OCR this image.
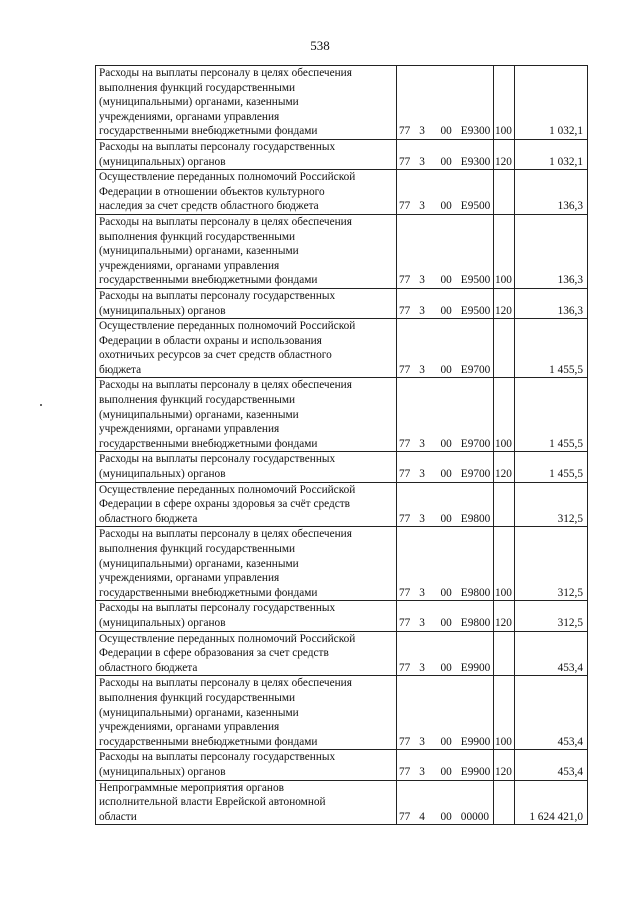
538
Расходы на выплаты персоналу в целях обеспечения
выполнения функций государственными
(муниципальными) органами, казенными
учреждениями, органами управления
государственными внебюджетными фондами	77 3	00 E9300	100	1 032,1

Расходы на выплаты персоналу государственных
(муниципальных) органов	77 3	00 E9300	120	1 032,1

Осуществление переданных полномочий Российской
Федерации в отношении объектов культурного
наследия за счет средств областного бюджета	77 3	00 E9500		136,3

Расходы на выплаты персоналу в целях обеспечения
выполнения функций государственными
(муниципальными) органами, казенными
учреждениями, органами управления
государственными внебюджетными фондами	77 3	00 E9500	100	136,3

Расходы на выплаты персоналу государственных
(муниципальных) органов	77 3	00 E9500	120	136,3

Осуществление переданных полномочий Российской
Федерации в области охраны и использования
охотничьих ресурсов за счет средств областного
бюджета	77 3	00 E9700		1 455,5

Расходы на выплаты персоналу в целях обеспечения
выполнения функций государственными
(муниципальными) органами, казенными
учреждениями, органами управления
государственными внебюджетными фондами	77 3	00 E9700	100	1 455,5

Расходы на выплаты персоналу государственных
(муниципальных) органов	77 3	00 E9700	120	1 455,5

Осуществление переданных полномочий Российской
Федерации в сфере охраны здоровья за счёт средств
областного бюджета	77 3	00 E9800		312,5

Расходы на выплаты персоналу в целях обеспечения
выполнения функций государственными
(муниципальными) органами, казенными
учреждениями, органами управления
государственными внебюджетными фондами	77 3	00 E9800	100	312,5

Расходы на выплаты персоналу государственных
(муниципальных) органов	77 3	00 E9800	120	312,5

Осуществление переданных полномочий Российской
Федерации в сфере образования за счет средств
областного бюджета	77 3	00 E9900		453,4

Расходы на выплаты персоналу в целях обеспечения
выполнения функций государственными
(муниципальными) органами, казенными
учреждениями, органами управления
государственными внебюджетными фондами	77 3	00 E9900	100	453,4

Расходы на выплаты персоналу государственных
(муниципальных) органов	77 3	00 E9900	120	453,4

Непрограммные мероприятия органов
исполнительной власти Еврейской автономной
области	77 4	00 00000		1 624 421,0
